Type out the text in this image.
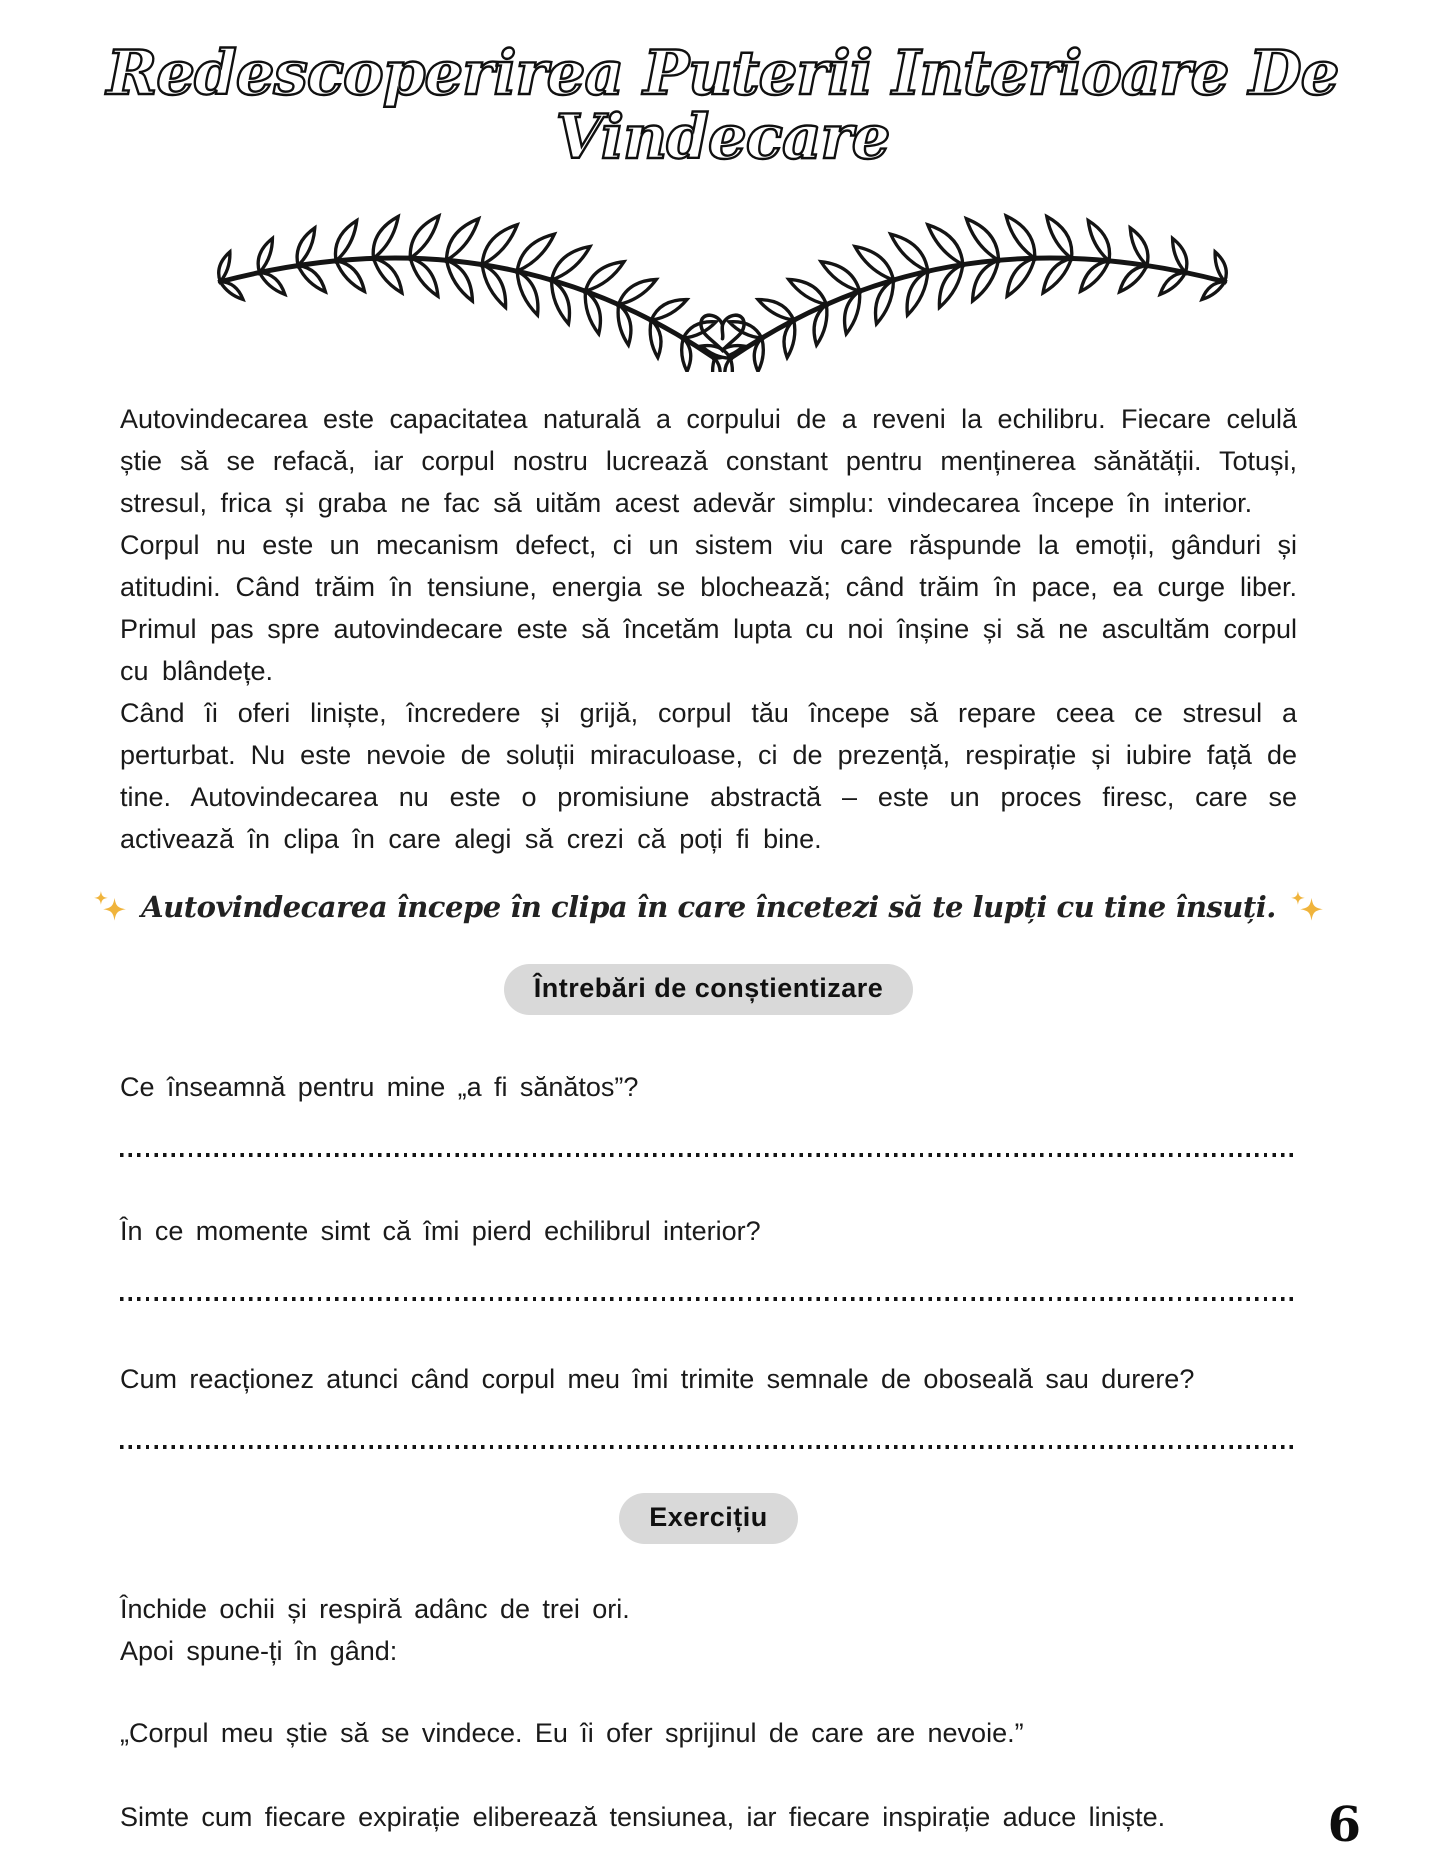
Redescoperirea Puterii Interioare De
Vindecare

Autovindecarea este capacitatea naturală a corpului de a reveni la echilibru. Fiecare celulă știe să se refacă, iar corpul nostru lucrează constant pentru menținerea sănătății. Totuși, stresul, frica și graba ne fac să uităm acest adevăr simplu: vindecarea începe în interior.

Corpul nu este un mecanism defect, ci un sistem viu care răspunde la emoții, gânduri și atitudini. Când trăim în tensiune, energia se blochează; când trăim în pace, ea curge liber. Primul pas spre autovindecare este să încetăm lupta cu noi înșine și să ne ascultăm corpul cu blândețe.

Când îi oferi liniște, încredere și grijă, corpul tău începe să repare ceea ce stresul a perturbat. Nu este nevoie de soluții miraculoase, ci de prezență, respirație și iubire față de tine. Autovindecarea nu este o promisiune abstractă – este un proces firesc, care se activează în clipa în care alegi să crezi că poți fi bine.

Autovindecarea începe în clipa în care încetezi să te lupți cu tine însuți.
Întrebări de conștientizare
Ce înseamnă pentru mine „a fi sănătos”?
În ce momente simt că îmi pierd echilibrul interior?
Cum reacționez atunci când corpul meu îmi trimite semnale de oboseală sau durere?
Exercițiu
Închide ochii și respiră adânc de trei ori.
Apoi spune-ți în gând:
„Corpul meu știe să se vindece. Eu îi ofer sprijinul de care are nevoie.”
Simte cum fiecare expirație eliberează tensiunea, iar fiecare inspirație aduce liniște.	6
